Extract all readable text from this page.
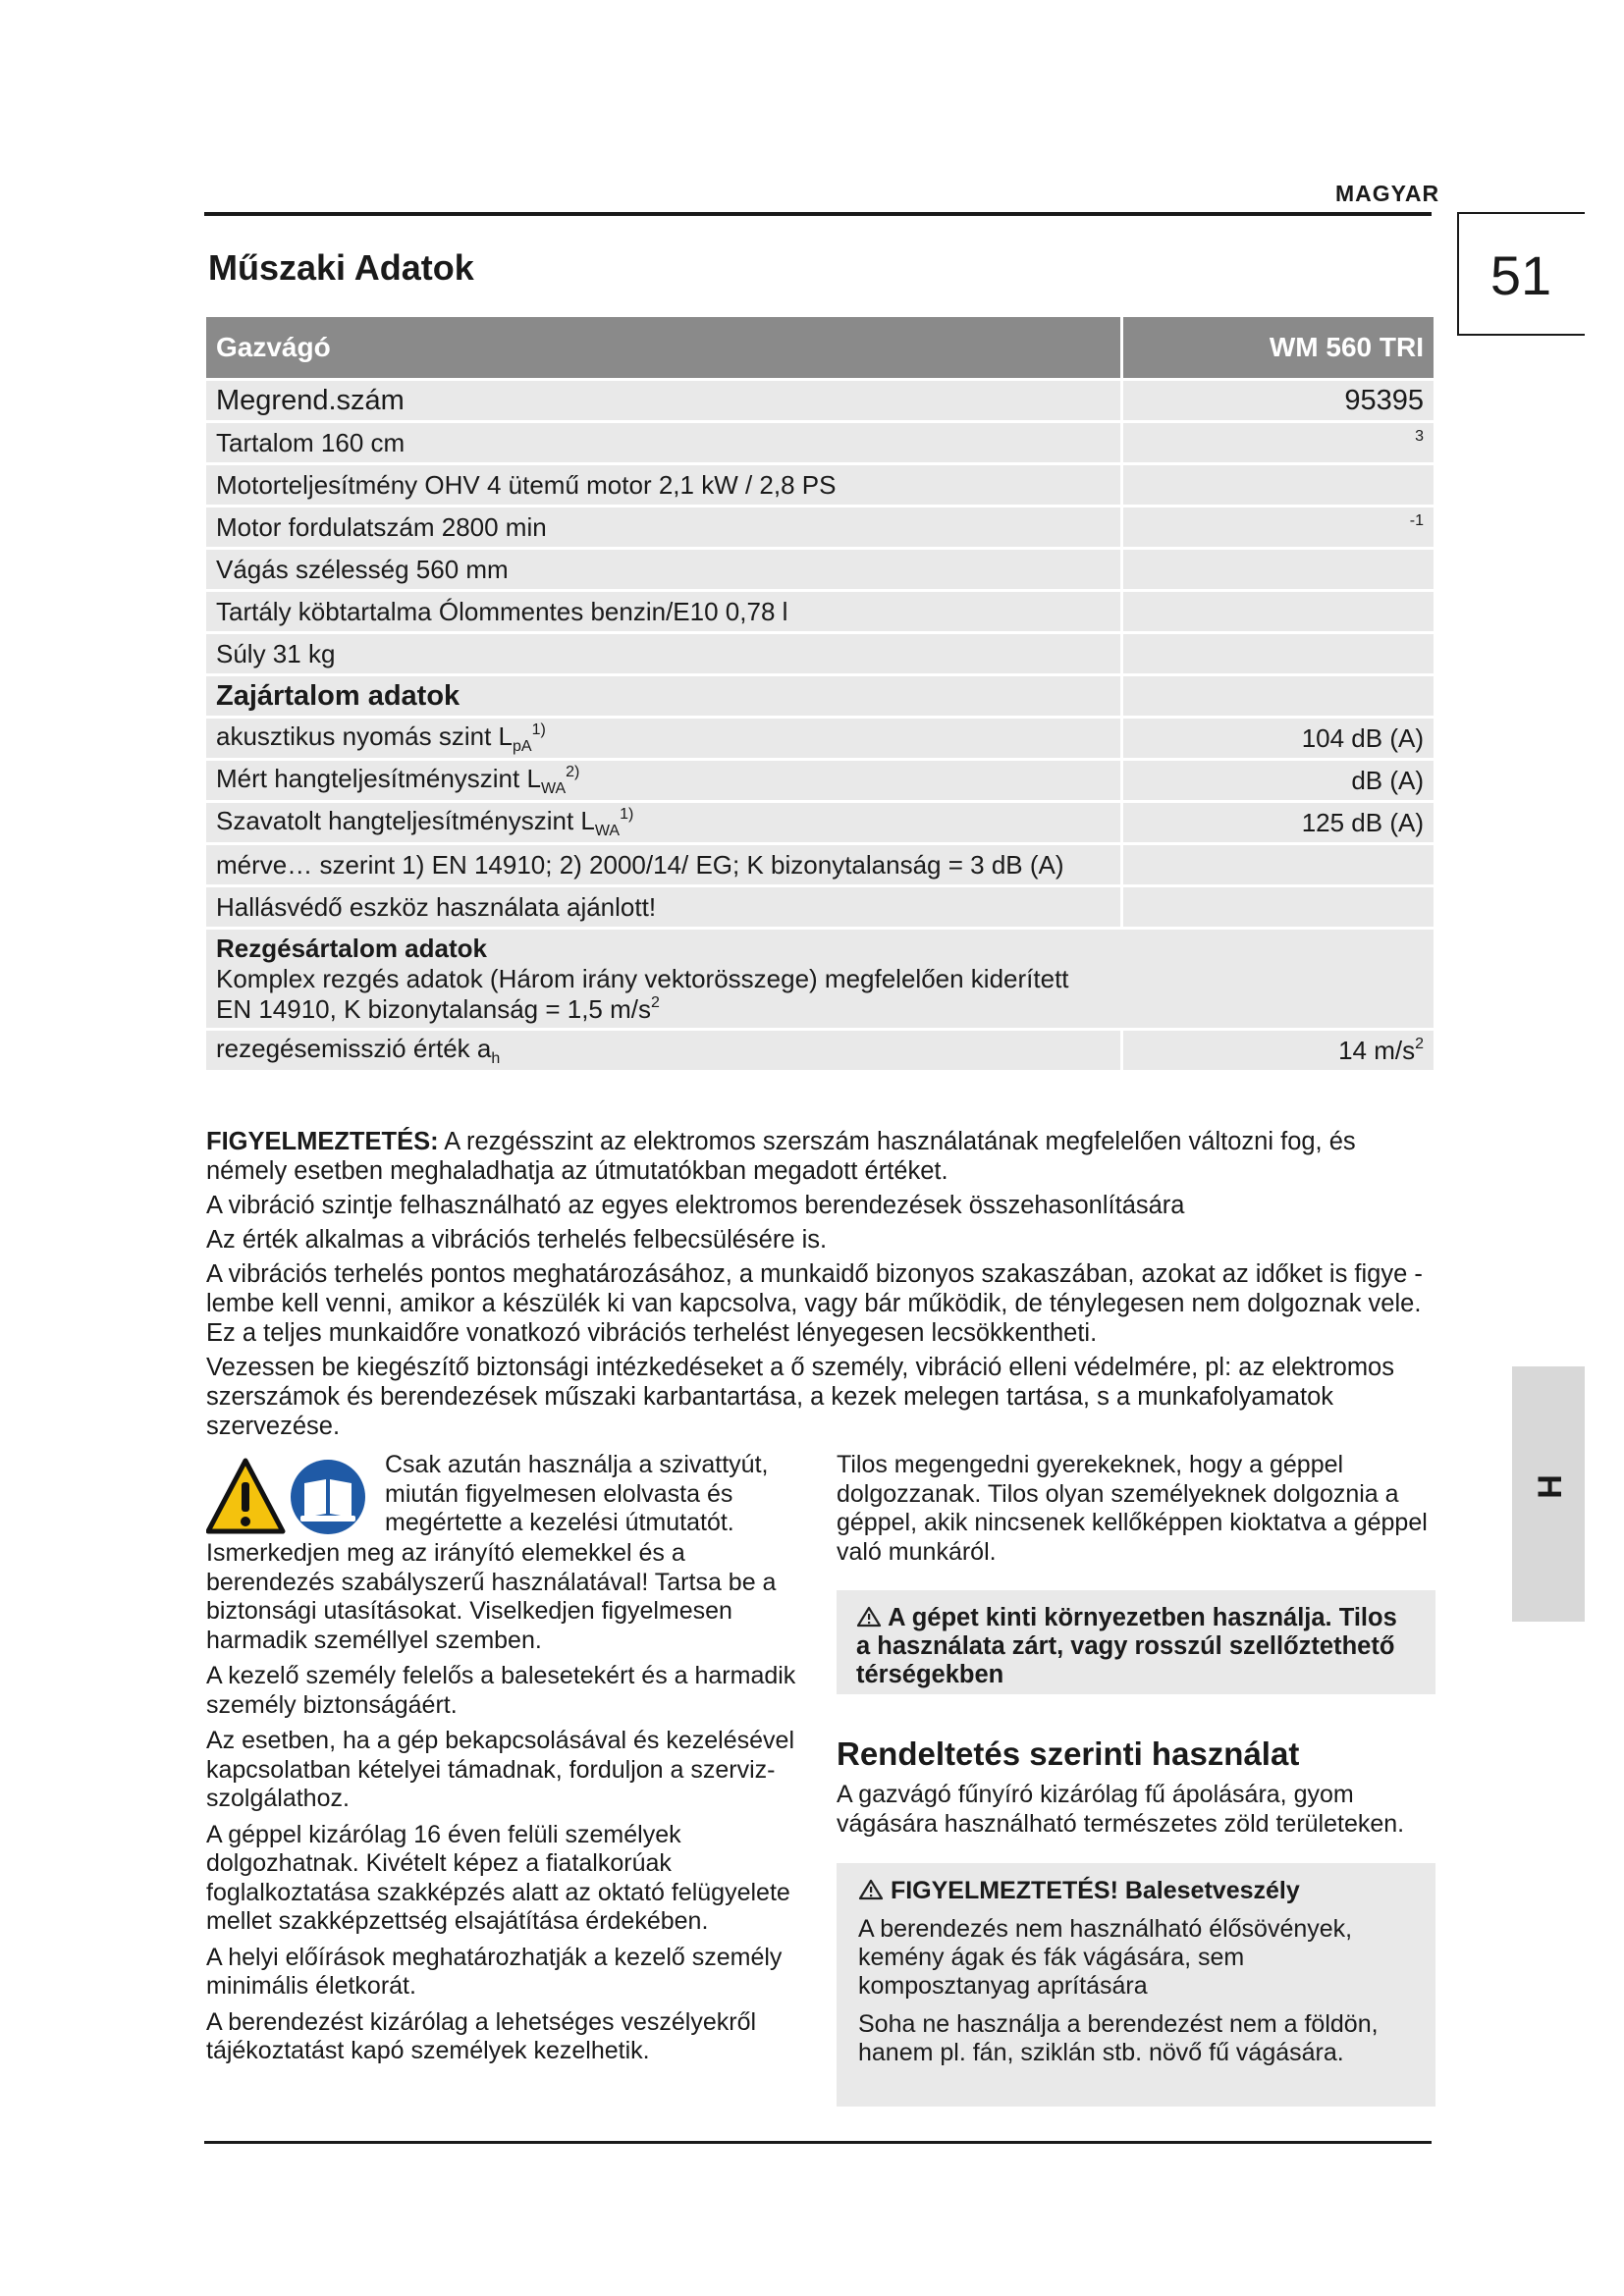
MAGYAR
51
Műszaki Adatok
H
Gazvágó	WM 560 TRI
Megrend.szám	95395
Tartalom 160 cm	$^3$
Motorteljesítmény OHV 4 ütemű motor 2,1 kW / 2,8 PS	
Motor fordulatszám 2800 min	$^{-1}$
Vágás szélesség 560 mm	
Tartály köbtartalma Ólommentes benzin/E10 0,78 l	
Súly 31 kg	
Zajártalom adatok	
akusztikus nyomás szint $L_{pA}^{1)}$	104 dB (A)
Mért hangteljesítményszint $L_{WA}^{2)}$	dB (A)
Szavatolt hangteljesítményszint $L_{WA}^{1)}$	125 dB (A)
mérve… szerint 1) EN 14910; 2) 2000/14/ EG; K bizonytalanság = 3 dB (A)	
Hallásvédő eszköz használata ajánlott!	

Rezgésártalom adatok
Komplex rezgés adatok (Három irány vektorösszege) megfelelően kiderített
EN 14910, K bizonytalanság = 1,5 $m/s^2$
rezegésemisszió érték $a_h$	14 $m/s^2$

FIGYELMEZTETÉS: A rezgésszint az elektromos szerszám használatának megfelelően változni fog, és némely esetben meghaladhatja az útmutatókban megadott értéket.

A vibráció szintje felhasználható az egyes elektromos berendezések összehasonlítására

Az érték alkalmas a vibrációs terhelés felbecsülésére is.

A vibrációs terhelés pontos meghatározásához, a munkaidő bizonyos szakaszában, azokat az időket is figye - lembe kell venni, amikor a készülék ki van kapcsolva, vagy bár működik, de ténylegesen nem dolgoznak vele. Ez a teljes munkaidőre vonatkozó vibrációs terhelést lényegesen lecsökkentheti.

Vezessen be kiegészítő biztonsági intézkedéseket a ő személy, vibráció elleni védelmére, pl: az elektromos szerszámok és berendezések műszaki karbantartása, a kezek melegen tartása, s a munkafolyamatok szervezése.

Csak azután használja a szivattyút, miután figyelmesen elolvasta és megértette a kezelési útmutatót.

Ismerkedjen meg az irányító elemekkel és a berendezés szabályszerű használatával! Tartsa be a biztonsági utasításokat. Viselkedjen figyelmesen harmadik személlyel szemben.

A kezelő személy felelős a balesetekért és a harmadik személy biztonságáért.

Az esetben, ha a gép bekapcsolásával és kezelésével kapcsolatban kételyei támadnak, forduljon a szerviz-szolgálathoz.

A géppel kizárólag 16 éven felüli személyek dolgozhatnak. Kivételt képez a fiatalkorúak foglalkoztatása szakképzés alatt az oktató felügyelete mellet szakképzettség elsajátítása érdekében.

A helyi előírások meghatározhatják a kezelő személy minimális életkorát.

A berendezést kizárólag a lehetséges veszélyekről tájékoztatást kapó személyek kezelhetik.

Tilos megengedni gyerekeknek, hogy a géppel dolgozzanak. Tilos olyan személyeknek dolgoznia a géppel, akik nincsenek kellőképpen kioktatva a géppel való munkáról.

A gépet kinti környezetben használja. Tilos a használata zárt, vagy rosszúl szellőztethető térségekben

Rendeltetés szerinti használat
A gazvágó fűnyíró kizárólag fű ápolására, gyom vágására használható természetes zöld területeken.
FIGYELMEZTETÉS! Balesetveszély

A berendezés nem használható élősövények, kemény ágak és fák vágására, sem komposztanyag aprítására

Soha ne használja a berendezést nem a földön, hanem pl. fán, sziklán stb. növő fű vágására.
